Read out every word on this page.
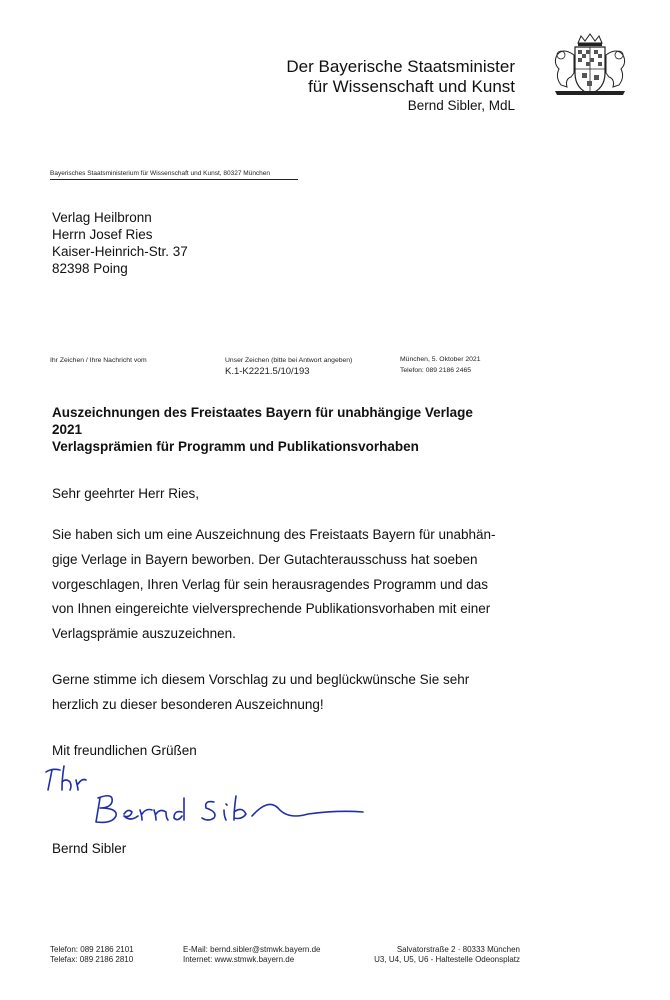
Der Bayerische Staatsminister
für Wissenschaft und Kunst
Bernd Sibler, MdL
Bayerisches Staatsministerium für Wissenschaft und Kunst, 80327 München
Verlag Heilbronn
Herrn Josef Ries
Kaiser-Heinrich-Str. 37
82398 Poing
Ihr Zeichen / Ihre Nachricht vom	Unser Zeichen (bitte bei Antwort angeben)
K.1-K2221.5/10/193
München, 5. Oktober 2021
Telefon: 089 2186 2465
Auszeichnungen des Freistaates Bayern für unabhängige Verlage
2021
Verlagsprämien für Programm und Publikationsvorhaben
Sehr geehrter Herr Ries,
Sie haben sich um eine Auszeichnung des Freistaats Bayern für unabhän-
gige Verlage in Bayern beworben. Der Gutachterausschuss hat soeben
vorgeschlagen, Ihren Verlag für sein herausragendes Programm und das
von Ihnen eingereichte vielversprechende Publikationsvorhaben mit einer
Verlagsprämie auszuzeichnen.
Gerne stimme ich diesem Vorschlag zu und beglückwünsche Sie sehr
herzlich zu dieser besonderen Auszeichnung!
Mit freundlichen Grüßen
Bernd Sibler
Telefon: 089 2186 2101
Telefax: 089 2186 2810
E-Mail: bernd.sibler@stmwk.bayern.de
Internet: www.stmwk.bayern.de
Salvatorstraße 2 · 80333 München
U3, U4, U5, U6 - Haltestelle Odeonsplatz
